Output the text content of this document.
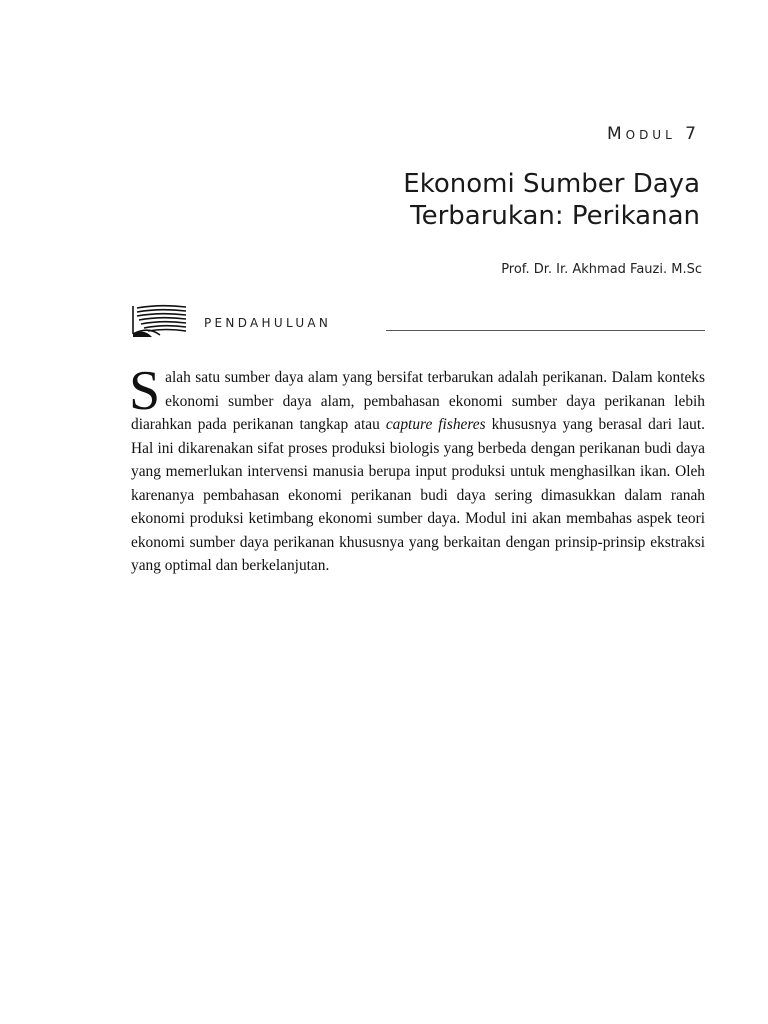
Modul 7
Ekonomi Sumber Daya
Terbarukan: Perikanan
Prof. Dr. Ir. Akhmad Fauzi. M.Sc
PENDAHULUAN

Salah satu sumber daya alam yang bersifat terbarukan adalah perikanan. Dalam konteks ekonomi sumber daya alam, pembahasan ekonomi sumber daya perikanan lebih diarahkan pada perikanan tangkap atau capture fisheres khususnya yang berasal dari laut. Hal ini dikarenakan sifat proses produksi biologis yang berbeda dengan perikanan budi daya yang memerlukan intervensi manusia berupa input produksi untuk menghasilkan ikan. Oleh karenanya pembahasan ekonomi perikanan budi daya sering dimasukkan dalam ranah ekonomi produksi ketimbang ekonomi sumber daya. Modul ini akan membahas aspek teori ekonomi sumber daya perikanan khususnya yang berkaitan dengan prinsip-prinsip ekstraksi yang optimal dan berkelanjutan.
